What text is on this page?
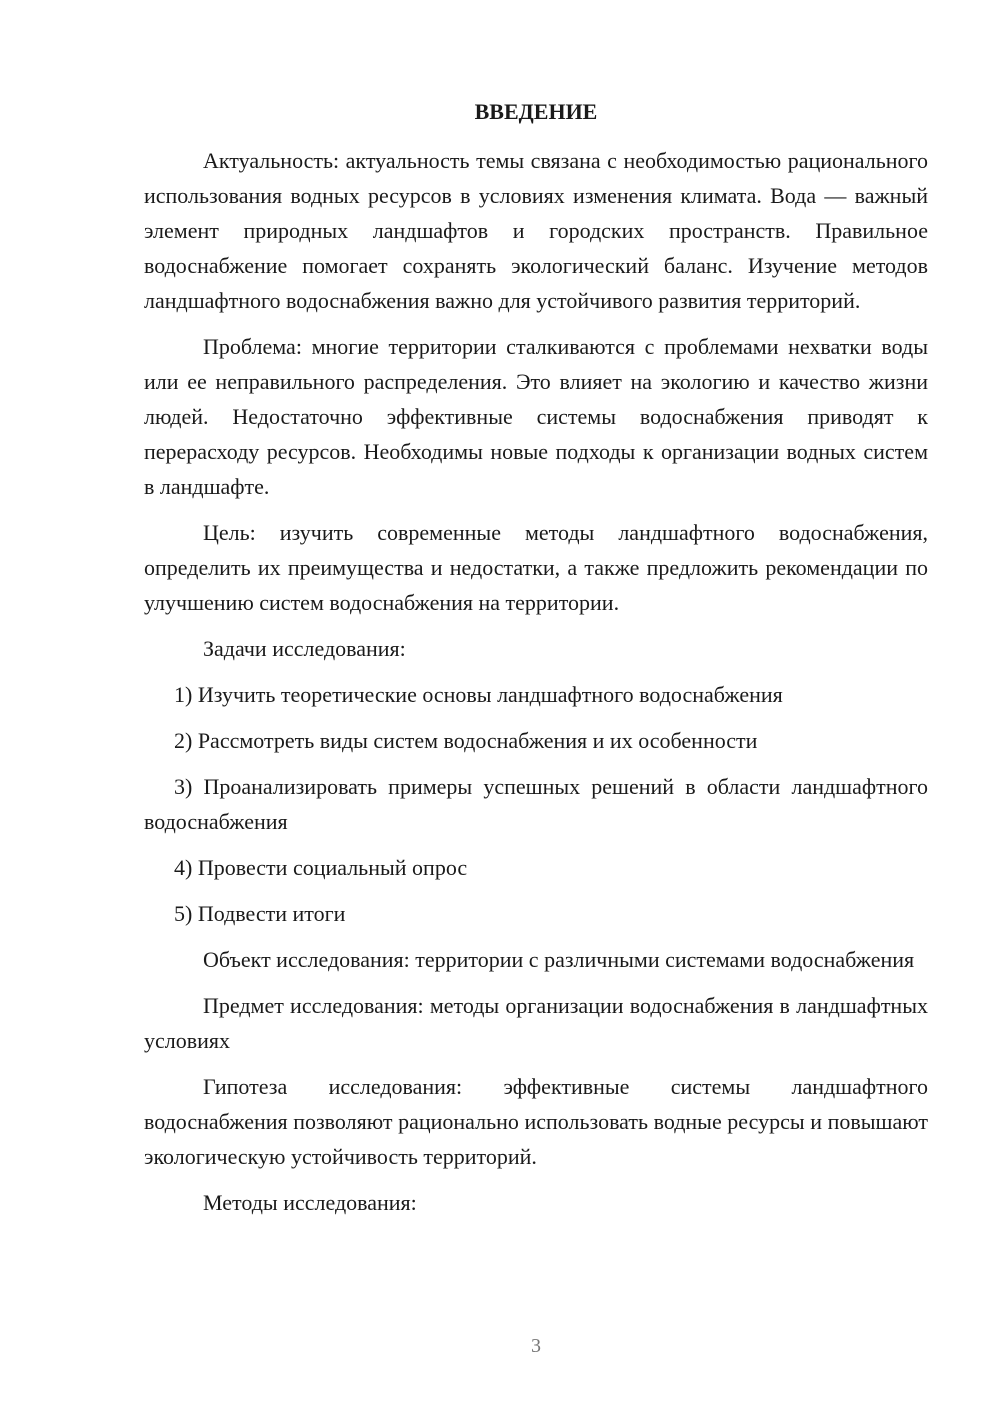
ВВЕДЕНИЕ

Актуальность: актуальность темы связана с необходимостью рационального использования водных ресурсов в условиях изменения климата. Вода — важный элемент природных ландшафтов и городских пространств. Правильное водоснабжение помогает сохранять экологический баланс. Изучение методов ландшафтного водоснабжения важно для устойчивого развития территорий.

Проблема: многие территории сталкиваются с проблемами нехватки воды или ее неправильного распределения. Это влияет на экологию и качество жизни людей. Недостаточно эффективные системы водоснабжения приводят к перерасходу ресурсов. Необходимы новые подходы к организации водных систем в ландшафте.

Цель: изучить современные методы ландшафтного водоснабжения, определить их преимущества и недостатки, а также предложить рекомендации по улучшению систем водоснабжения на территории.

Задачи исследования:

1) Изучить теоретические основы ландшафтного водоснабжения

2) Рассмотреть виды систем водоснабжения и их особенности

3) Проанализировать примеры успешных решений в области ландшафтного водоснабжения

4) Провести социальный опрос

5) Подвести итоги

Объект исследования: территории с различными системами водоснабжения

Предмет исследования: методы организации водоснабжения в ландшафтных условиях

Гипотеза исследования: эффективные системы ландшафтного водоснабжения позволяют рационально использовать водные ресурсы и повышают экологическую устойчивость территорий.

Методы исследования:

3
